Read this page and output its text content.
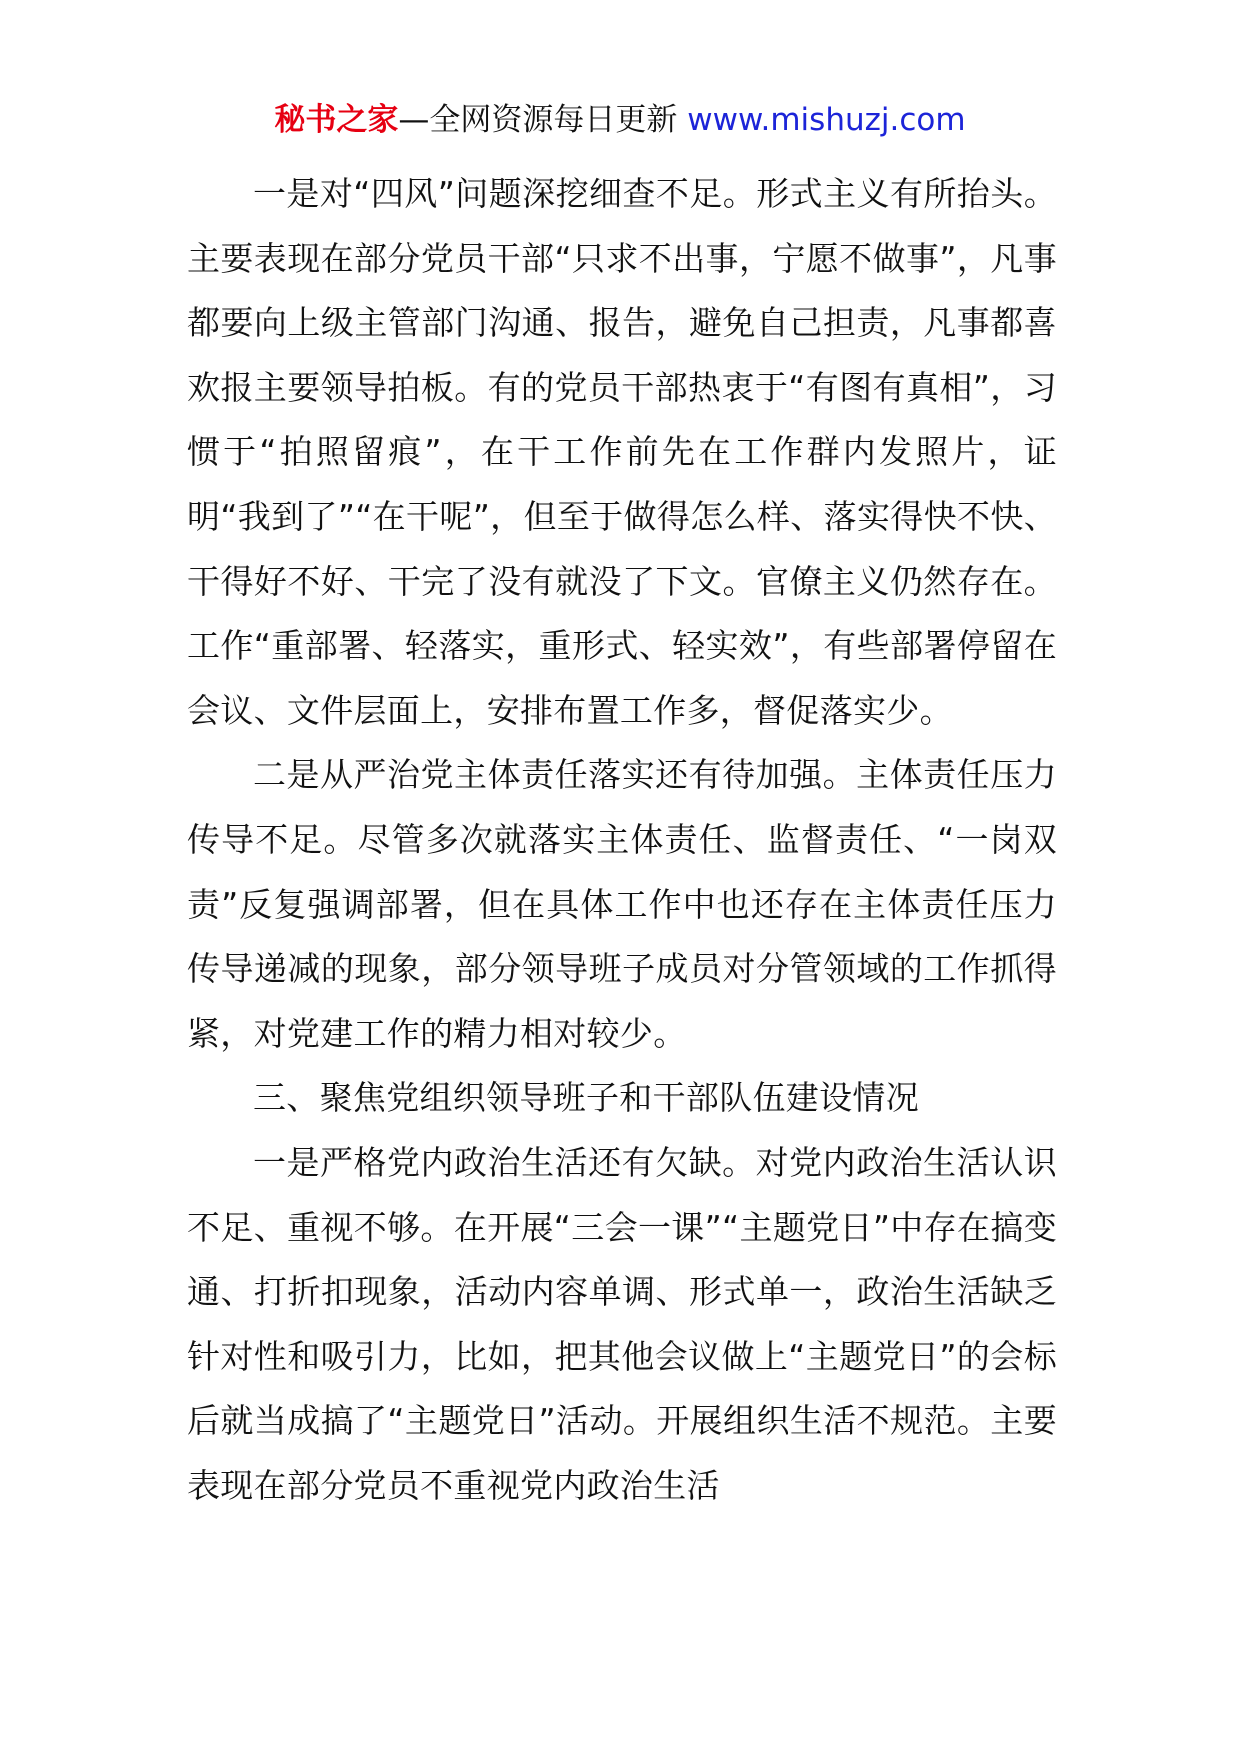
秘书之家—全网资源每日更新 www.mishuzj.com

一是对“四风”问题深挖细查不足。形式主义有所抬头。主要表现在部分党员干部“只求不出事，宁愿不做事”，凡事都要向上级主管部门沟通、报告，避免自己担责，凡事都喜欢报主要领导拍板。有的党员干部热衷于“有图有真相”，习惯于“拍照留痕”，在干工作前先在工作群内发照片，证明“我到了”“在干呢”，但至于做得怎么样、落实得快不快、干得好不好、干完了没有就没了下文。官僚主义仍然存在。工作“重部署、轻落实，重形式、轻实效”，有些部署停留在会议、文件层面上，安排布置工作多，督促落实少。

二是从严治党主体责任落实还有待加强。主体责任压力传导不足。尽管多次就落实主体责任、监督责任、“一岗双责”反复强调部署，但在具体工作中也还存在主体责任压力传导递减的现象，部分领导班子成员对分管领域的工作抓得紧，对党建工作的精力相对较少。

三、聚焦党组织领导班子和干部队伍建设情况

一是严格党内政治生活还有欠缺。对党内政治生活认识不足、重视不够。在开展“三会一课”“主题党日”中存在搞变通、打折扣现象，活动内容单调、形式单一，政治生活缺乏针对性和吸引力，比如，把其他会议做上“主题党日”的会标后就当成搞了“主题党日”活动。开展组织生活不规范。主要表现在部分党员不重视党内政治生活
